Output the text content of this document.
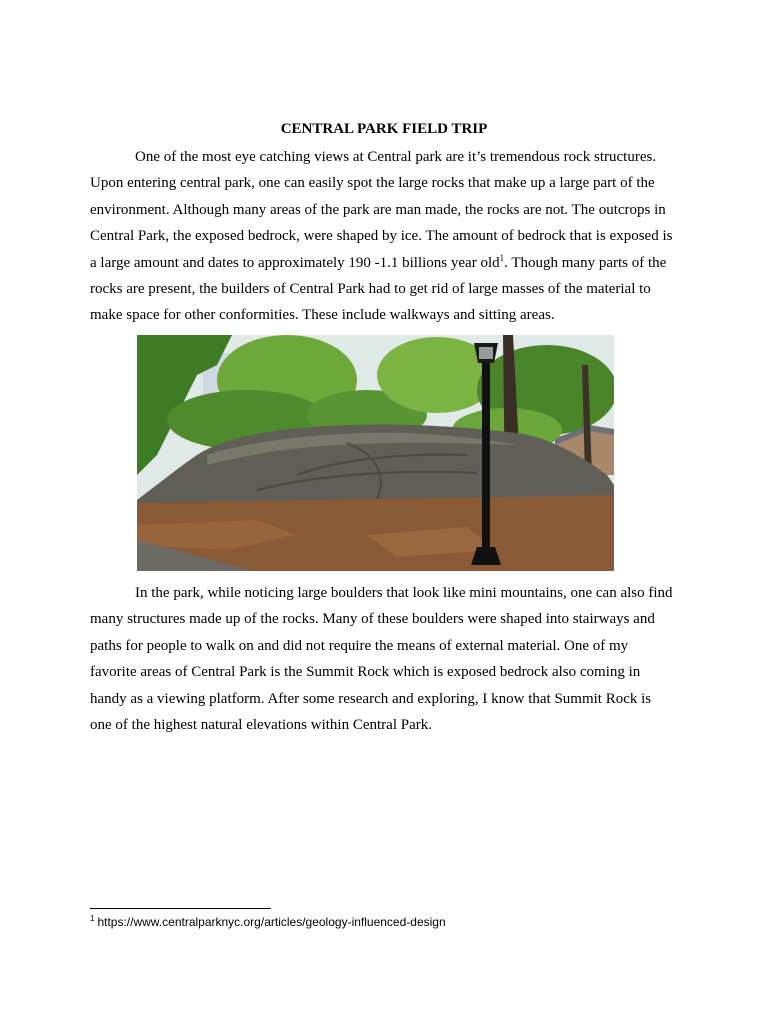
CENTRAL PARK FIELD TRIP

One of the most eye catching views at Central park are it’s tremendous rock structures.
Upon entering central park, one can easily spot the large rocks that make up a large part of the
environment. Although many areas of the park are man made, the rocks are not. The outcrops in
Central Park, the exposed bedrock, were shaped by ice. The amount of bedrock that is exposed is
a large amount and dates to approximately 190 -1.1 billions year old$^1$. Though many parts of the
rocks are present, the builders of Central Park had to get rid of large masses of the material to
make space for other conformities. These include walkways and sitting areas.

In the park, while noticing large boulders that look like mini mountains, one can also find
many structures made up of the rocks. Many of these boulders were shaped into stairways and
paths for people to walk on and did not require the means of external material. One of my
favorite areas of Central Park is the Summit Rock which is exposed bedrock also coming in
handy as a viewing platform. After some research and exploring, I know that Summit Rock is
one of the highest natural elevations within Central Park.

$^1$ https://www.centralparknyc.org/articles/geology-influenced-design
